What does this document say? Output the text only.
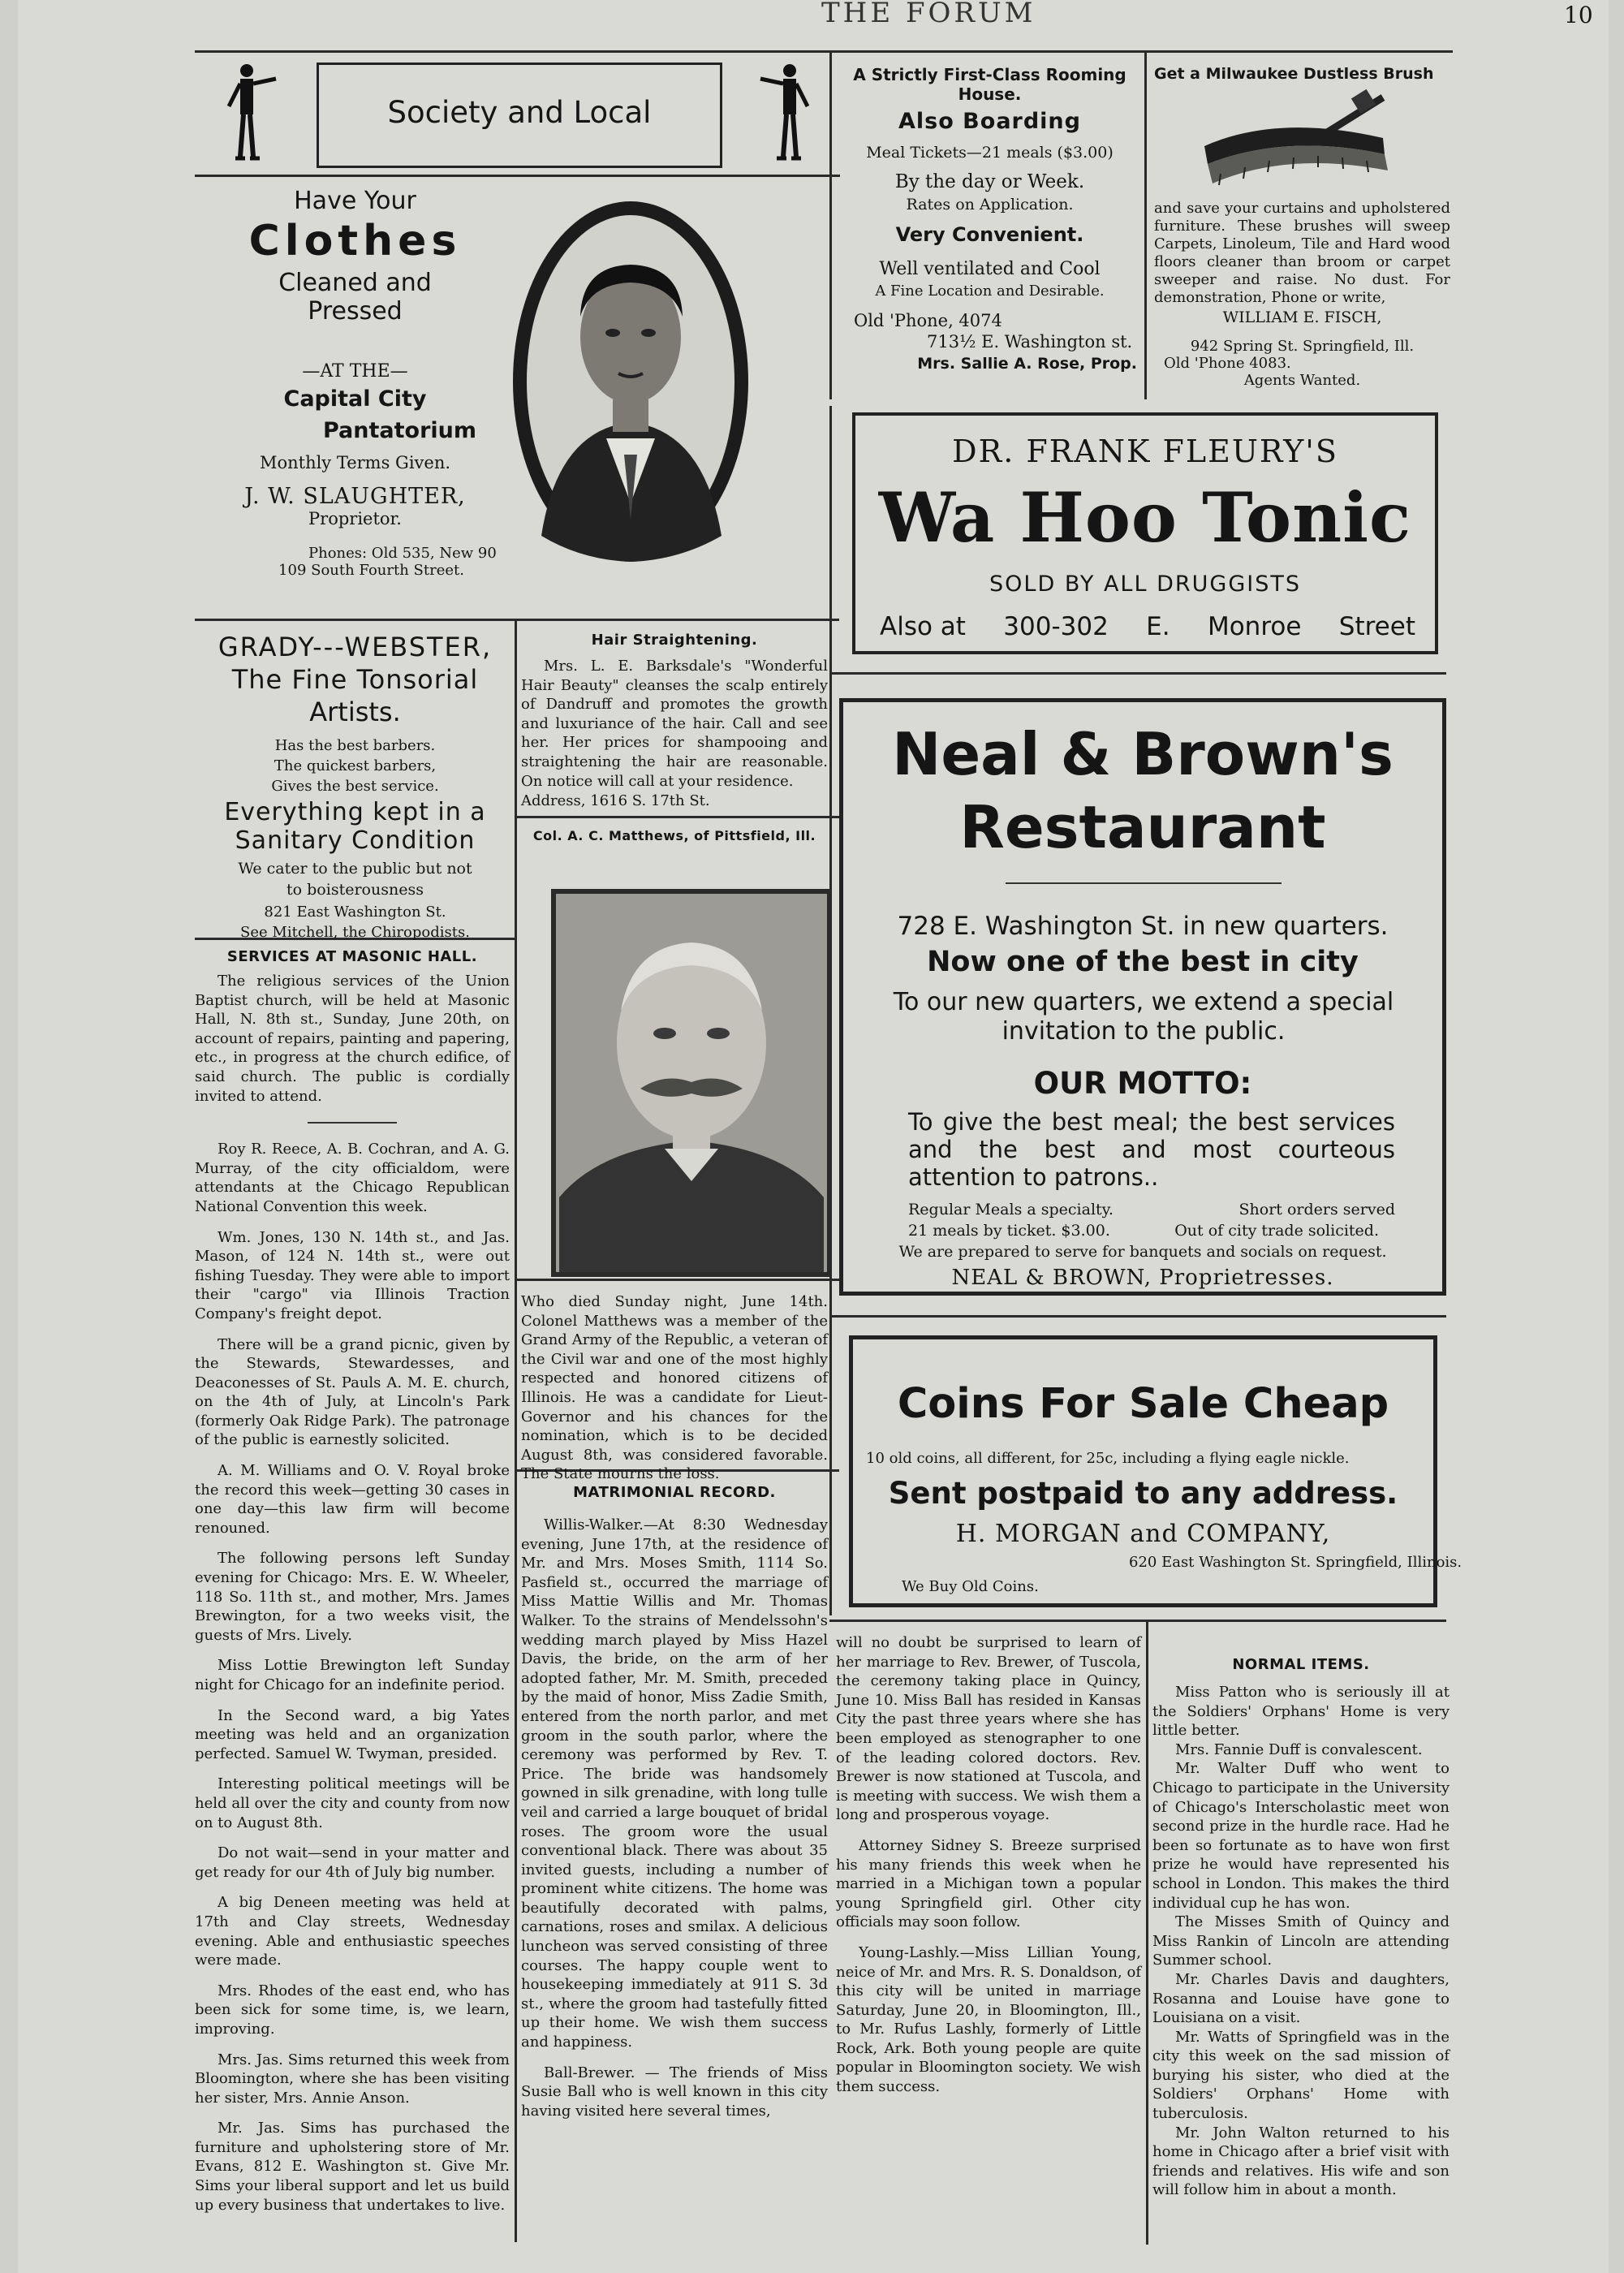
THE FORUM	10
Society and Local

Have Your

Clothes

Cleaned and

Pressed

—AT THE—

Capital City

Pantatorium

Monthly Terms Given.

J. W. SLAUGHTER,

Proprietor.

Phones: Old 535, New 90

109 South Fourth Street.

A Strictly First-Class Rooming House.

Also Boarding

Meal Tickets—21 meals ($3.00)

By the day or Week.

Rates on Application.

Very Convenient.

Well ventilated and Cool

A Fine Location and Desirable.

Old 'Phone, 4074

713½ E. Washington st.

Mrs. Sallie A. Rose, Prop.

Get a Milwaukee Dustless Brush

and save your curtains and upholstered furniture. These brushes will sweep Carpets, Linoleum, Tile and Hard wood floors cleaner than broom or carpet sweeper and raise. No dust. For demonstration, Phone or write,

WILLIAM E. FISCH,

942 Spring St. Springfield, Ill.

Old 'Phone 4083.

Agents Wanted.

DR. FRANK FLEURY'S
Wa Hoo Tonic
SOLD BY ALL DRUGGISTS
Also at 300-302 E. Monroe Street

GRADY---WEBSTER,

The Fine Tonsorial

Artists.

Has the best barbers.

The quickest barbers,

Gives the best service.

Everything kept in a

Sanitary Condition

We cater to the public but not

to boisterousness

821 East Washington St.

See Mitchell, the Chiropodists.

Hair Straightening.

Mrs. L. E. Barksdale's "Wonderful Hair Beauty" cleanses the scalp entirely of Dandruff and promotes the growth and luxuriance of the hair. Call and see her. Her prices for shampooing and straightening the hair are reasonable. On notice will call at your residence.

Address, 1616 S. 17th St.

Col. A. C. Matthews, of Pittsfield, Ill.

Who died Sunday night, June 14th. Colonel Matthews was a member of the Grand Army of the Republic, a veteran of the Civil war and one of the most highly respected and honored citizens of Illinois. He was a candidate for Lieut-Governor and his chances for the nomination, which is to be decided August 8th, was considered favorable. The State mourns the loss.

Neal & Brown's
Restaurant
728 E. Washington St. in new quarters.
Now one of the best in city
To our new quarters, we extend a special invitation to the public.
OUR MOTTO:
To give the best meal; the best services and the best and most courteous attention to patrons..
Regular Meals a specialty.	Short orders served
21 meals by ticket. $3.00.	Out of city trade solicited.
We are prepared to serve for banquets and socials on request.
NEAL & BROWN, Proprietresses.
Coins For Sale Cheap
10 old coins, all different, for 25c, including a flying eagle nickle.
Sent postpaid to any address.
H. MORGAN and COMPANY,
620 East Washington St. Springfield, Illinois.
We Buy Old Coins.

SERVICES AT MASONIC HALL.

The religious services of the Union Baptist church, will be held at Masonic Hall, N. 8th st., Sunday, June 20th, on account of repairs, painting and papering, etc., in progress at the church edifice, of said church. The public is cordially invited to attend.

Roy R. Reece, A. B. Cochran, and A. G. Murray, of the city officialdom, were attendants at the Chicago Republican National Convention this week.

Wm. Jones, 130 N. 14th st., and Jas. Mason, of 124 N. 14th st., were out fishing Tuesday. They were able to import their "cargo" via Illinois Traction Company's freight depot.

There will be a grand picnic, given by the Stewards, Stewardesses, and Deaconesses of St. Pauls A. M. E. church, on the 4th of July, at Lincoln's Park (formerly Oak Ridge Park). The patronage of the public is earnestly solicited.

A. M. Williams and O. V. Royal broke the record this week—getting 30 cases in one day—this law firm will become renouned.

The following persons left Sunday evening for Chicago: Mrs. E. W. Wheeler, 118 So. 11th st., and mother, Mrs. James Brewington, for a two weeks visit, the guests of Mrs. Lively.

Miss Lottie Brewington left Sunday night for Chicago for an indefinite period.

In the Second ward, a big Yates meeting was held and an organization perfected. Samuel W. Twyman, presided.

Interesting political meetings will be held all over the city and county from now on to August 8th.

Do not wait—send in your matter and get ready for our 4th of July big number.

A big Deneen meeting was held at 17th and Clay streets, Wednesday evening. Able and enthusiastic speeches were made.

Mrs. Rhodes of the east end, who has been sick for some time, is, we learn, improving.

Mrs. Jas. Sims returned this week from Bloomington, where she has been visiting her sister, Mrs. Annie Anson.

Mr. Jas. Sims has purchased the furniture and upholstering store of Mr. Evans, 812 E. Washington st. Give Mr. Sims your liberal support and let us build up every business that undertakes to live.

MATRIMONIAL RECORD.

Willis-Walker.—At 8:30 Wednesday evening, June 17th, at the residence of Mr. and Mrs. Moses Smith, 1114 So. Pasfield st., occurred the marriage of Miss Mattie Willis and Mr. Thomas Walker. To the strains of Mendelssohn's wedding march played by Miss Hazel Davis, the bride, on the arm of her adopted father, Mr. M. Smith, preceded by the maid of honor, Miss Zadie Smith, entered from the north parlor, and met groom in the south parlor, where the ceremony was performed by Rev. T. Price. The bride was handsomely gowned in silk grenadine, with long tulle veil and carried a large bouquet of bridal roses. The groom wore the usual conventional black. There was about 35 invited guests, including a number of prominent white citizens. The home was beautifully decorated with palms, carnations, roses and smilax. A delicious luncheon was served consisting of three courses. The happy couple went to housekeeping immediately at 911 S. 3d st., where the groom had tastefully fitted up their home. We wish them success and happiness.

Ball-Brewer. — The friends of Miss Susie Ball who is well known in this city having visited here several times,

will no doubt be surprised to learn of her marriage to Rev. Brewer, of Tuscola, the ceremony taking place in Quincy, June 10. Miss Ball has resided in Kansas City the past three years where she has been employed as stenographer to one of the leading colored doctors. Rev. Brewer is now stationed at Tuscola, and is meeting with success. We wish them a long and prosperous voyage.

Attorney Sidney S. Breeze surprised his many friends this week when he married in a Michigan town a popular young Springfield girl. Other city officials may soon follow.

Young-Lashly.—Miss Lillian Young, neice of Mr. and Mrs. R. S. Donaldson, of this city will be united in marriage Saturday, June 20, in Bloomington, Ill., to Mr. Rufus Lashly, formerly of Little Rock, Ark. Both young people are quite popular in Bloomington society. We wish them success.

NORMAL ITEMS.

Miss Patton who is seriously ill at the Soldiers' Orphans' Home is very little better.

Mrs. Fannie Duff is convalescent.

Mr. Walter Duff who went to Chicago to participate in the University of Chicago's Interscholastic meet won second prize in the hurdle race. Had he been so fortunate as to have won first prize he would have represented his school in London. This makes the third individual cup he has won.

The Misses Smith of Quincy and Miss Rankin of Lincoln are attending Summer school.

Mr. Charles Davis and daughters, Rosanna and Louise have gone to Louisiana on a visit.

Mr. Watts of Springfield was in the city this week on the sad mission of burying his sister, who died at the Soldiers' Orphans' Home with tuberculosis.

Mr. John Walton returned to his home in Chicago after a brief visit with friends and relatives. His wife and son will follow him in about a month.
